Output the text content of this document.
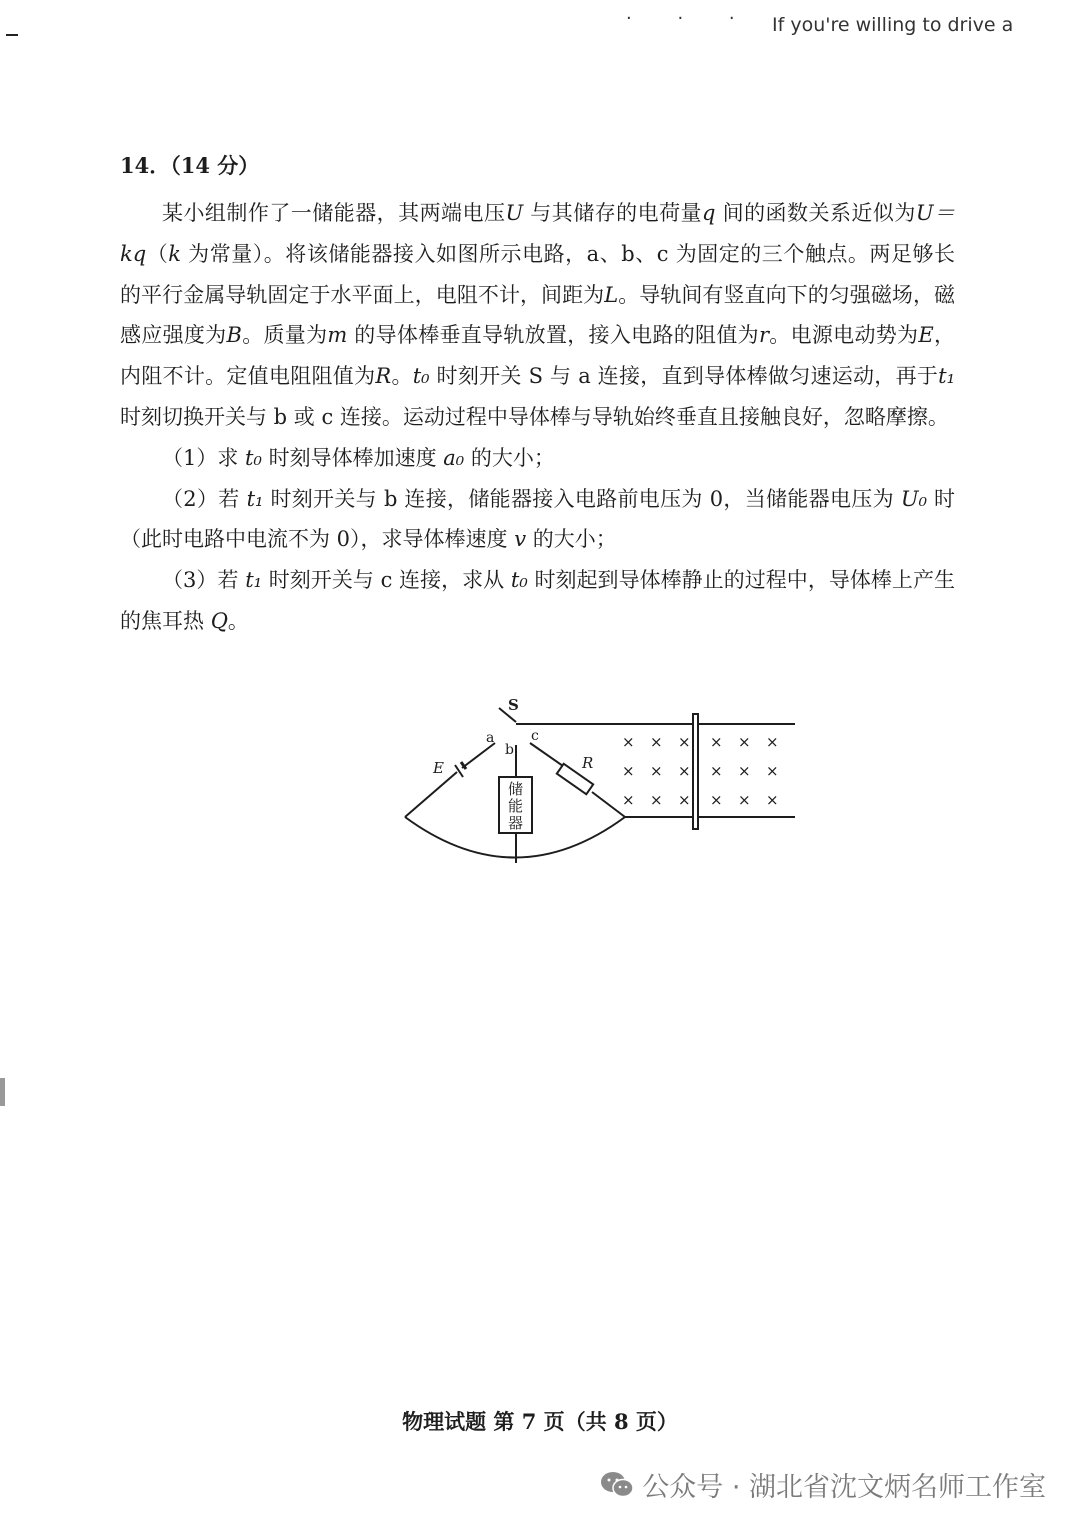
· · · If you're willing to drive a
14．（14 分）

某小组制作了一储能器，其两端电压U 与其储存的电荷量q 间的函数关系近似为U＝kq（k 为常量）。将该储能器接入如图所示电路，a、b、c 为固定的三个触点。两足够长的平行金属导轨固定于水平面上，电阻不计，间距为L。导轨间有竖直向下的匀强磁场，磁感应强度为B。质量为m 的导体棒垂直导轨放置，接入电路的阻值为r。电源电动势为E，内阻不计。定值电阻阻值为R。t₀ 时刻开关 S 与 a 连接，直到导体棒做匀速运动，再于t₁ 时刻切换开关与 b 或 c 连接。运动过程中导体棒与导轨始终垂直且接触良好，忽略摩擦。

（1）求 t₀ 时刻导体棒加速度 a₀ 的大小；

（2）若 t₁ 时刻开关与 b 连接，储能器接入电路前电压为 0，当储能器电压为 U₀ 时（此时电路中电流不为 0），求导体棒速度 v 的大小；

（3）若 t₁ 时刻开关与 c 连接，求从 t₀ 时刻起到导体棒静止的过程中，导体棒上产生的焦耳热 Q。

S
a
b
c
E
储
能
器
R
× × × × × ×
× × × × × ×
× × × × × ×
物理试题 第 7 页（共 8 页）
公众号 · 湖北省沈文炳名师工作室
